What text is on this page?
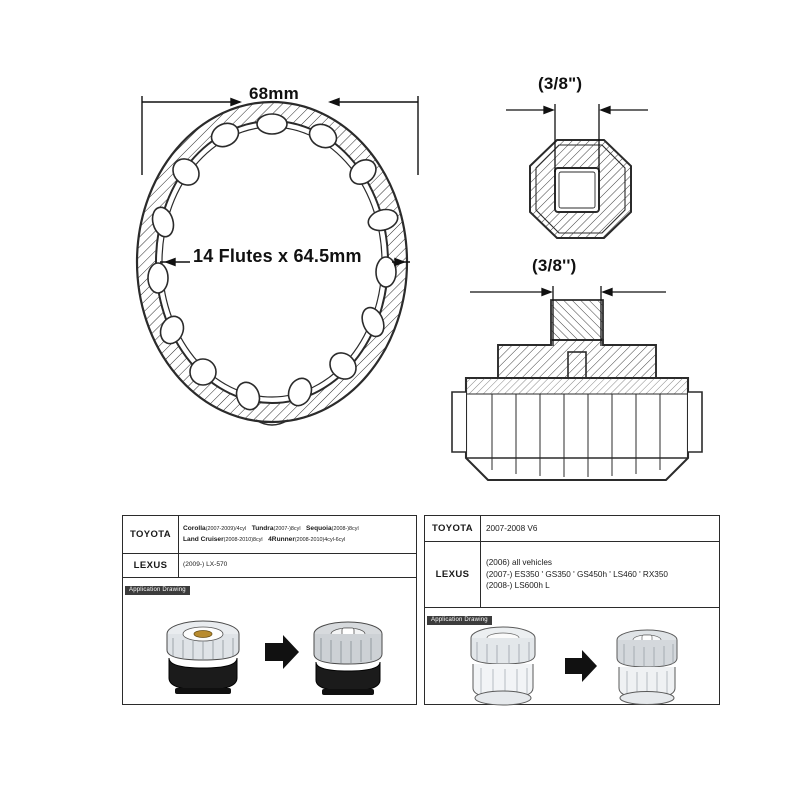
68mm
14 Flutes x 64.5mm
(3/8")
(3/8'')
TOYOTA
Corolla(2007-2009)/4cyl Tundra(2007-)8cyl Sequoia(2008-)8cyl
Land Cruiser(2008-2010)8cyl 4Runner(2008-2010)4cyl-6cyl
LEXUS	(2009-) LX-570
Application Drawing
TOYOTA	2007-2008 V6
LEXUS
(2006) all vehicles
(2007-) ES350 ' GS350 ' GS450h ' LS460 ' RX350
(2008-) LS600h L
Application Drawing
